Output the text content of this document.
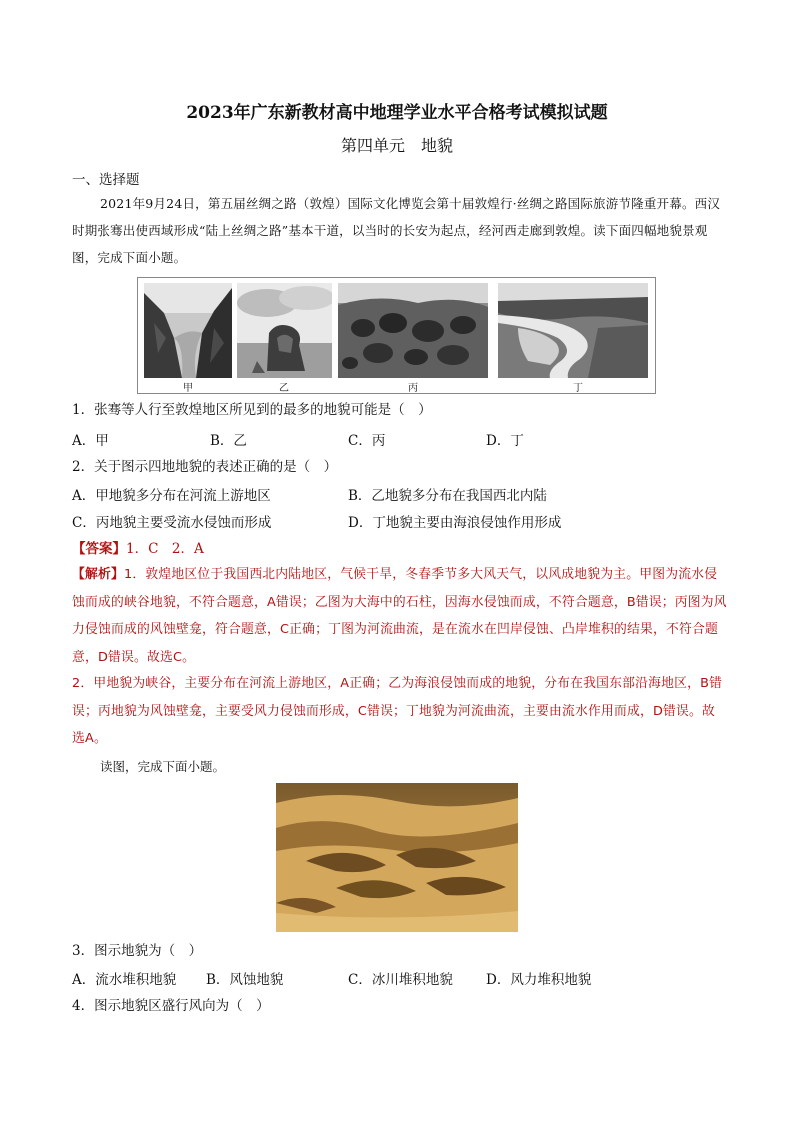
2023年广东新教材高中地理学业水平合格考试模拟试题
第四单元　地貌
一、选择题
2021年9月24日，第五届丝绸之路（敦煌）国际文化博览会第十届敦煌行·丝绸之路国际旅游节隆重开幕。西汉时期张骞出使西域形成“陆上丝绸之路”基本干道，以当时的长安为起点，经河西走廊到敦煌。读下面四幅地貌景观图，完成下面小题。
甲	乙	丙	丁
1．张骞等人行至敦煌地区所见到的最多的地貌可能是（　）
A．甲	B．乙	C．丙	D．丁
2．关于图示四地地貌的表述正确的是（　）
A．甲地貌多分布在河流上游地区	B．乙地貌多分布在我国西北内陆
C．丙地貌主要受流水侵蚀而形成	D．丁地貌主要由海浪侵蚀作用形成
【答案】1．C　2．A
【解析】1．敦煌地区位于我国西北内陆地区，气候干旱，冬春季节多大风天气，以风成地貌为主。甲图为流水侵蚀而成的峡谷地貌，不符合题意，A错误；乙图为大海中的石柱，因海水侵蚀而成，不符合题意，B错误；丙图为风力侵蚀而成的风蚀壁龛，符合题意，C正确；丁图为河流曲流，是在流水在凹岸侵蚀、凸岸堆积的结果，不符合题意，D错误。故选C。
2．甲地貌为峡谷，主要分布在河流上游地区，A正确；乙为海浪侵蚀而成的地貌，分布在我国东部沿海地区，B错误；丙地貌为风蚀壁龛，主要受风力侵蚀而形成，C错误；丁地貌为河流曲流，主要由流水作用而成，D错误。故选A。
读图，完成下面小题。
3．图示地貌为（　）
A．流水堆积地貌 B．风蚀地貌	C．冰川堆积地貌 D．风力堆积地貌
4．图示地貌区盛行风向为（　）
